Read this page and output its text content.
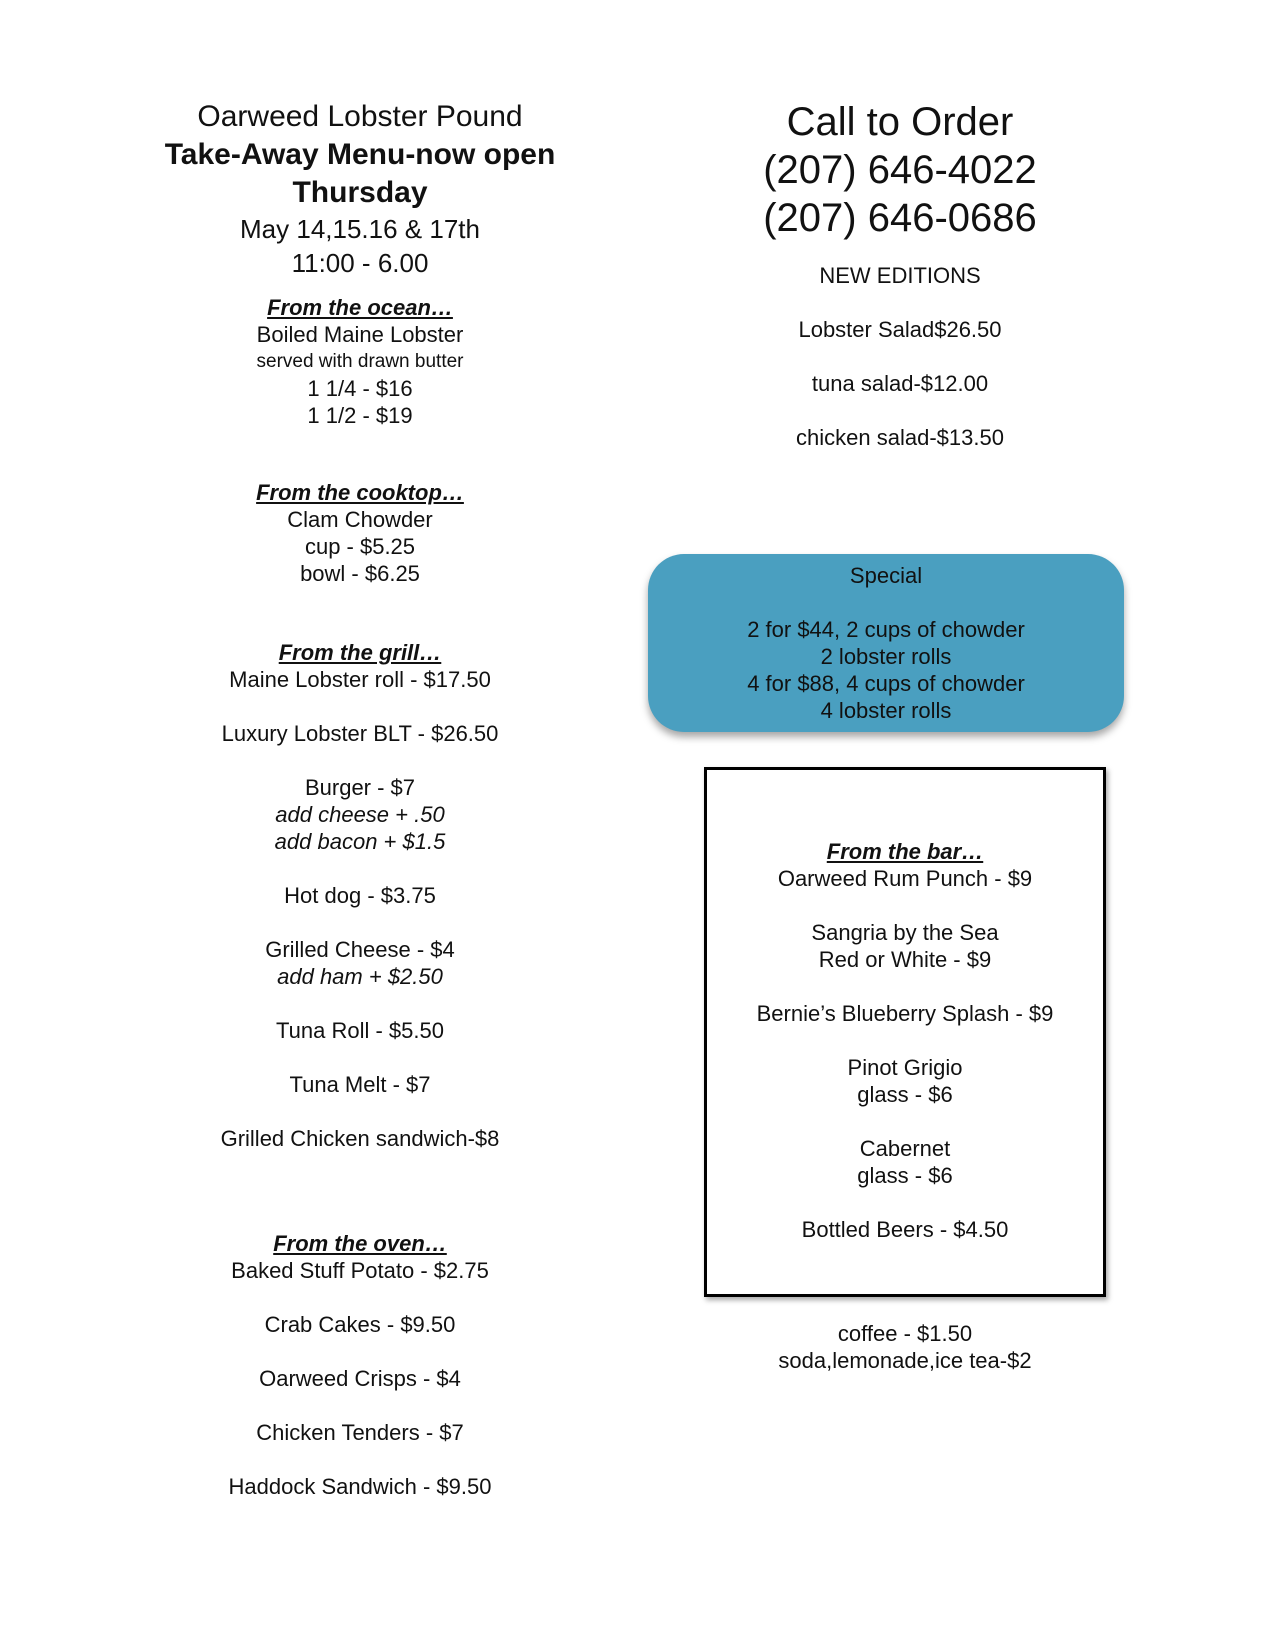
Oarweed Lobster Pound
Take-Away Menu-now open
Thursday
May 14,15.16 & 17th
11:00 - 6.00
From the ocean…
Boiled Maine Lobster
served with drawn butter
1 1/4 - $16
1 1/2 - $19
From the cooktop…
Clam Chowder
cup - $5.25
bowl - $6.25
From the grill…
Maine Lobster roll - $17.50
Luxury Lobster BLT - $26.50
Burger - $7
add cheese + .50
add bacon + $1.5
Hot dog - $3.75
Grilled Cheese - $4
add ham + $2.50
Tuna Roll - $5.50
Tuna Melt - $7
Grilled Chicken sandwich-$8
From the oven…
Baked Stuff Potato - $2.75
Crab Cakes - $9.50
Oarweed Crisps - $4
Chicken Tenders - $7
Haddock Sandwich - $9.50
Call to Order
(207) 646-4022
(207) 646-0686
NEW EDITIONS
Lobster Salad$26.50
tuna salad-$12.00
chicken salad-$13.50
Special
2 for $44, 2 cups of chowder
2 lobster rolls
4 for $88, 4 cups of chowder
4 lobster rolls
From the bar…
Oarweed Rum Punch - $9
Sangria by the Sea
Red or White - $9
Bernie’s Blueberry Splash - $9
Pinot Grigio
glass - $6
Cabernet
glass - $6
Bottled Beers - $4.50
coffee - $1.50
soda,lemonade,ice tea-$2
